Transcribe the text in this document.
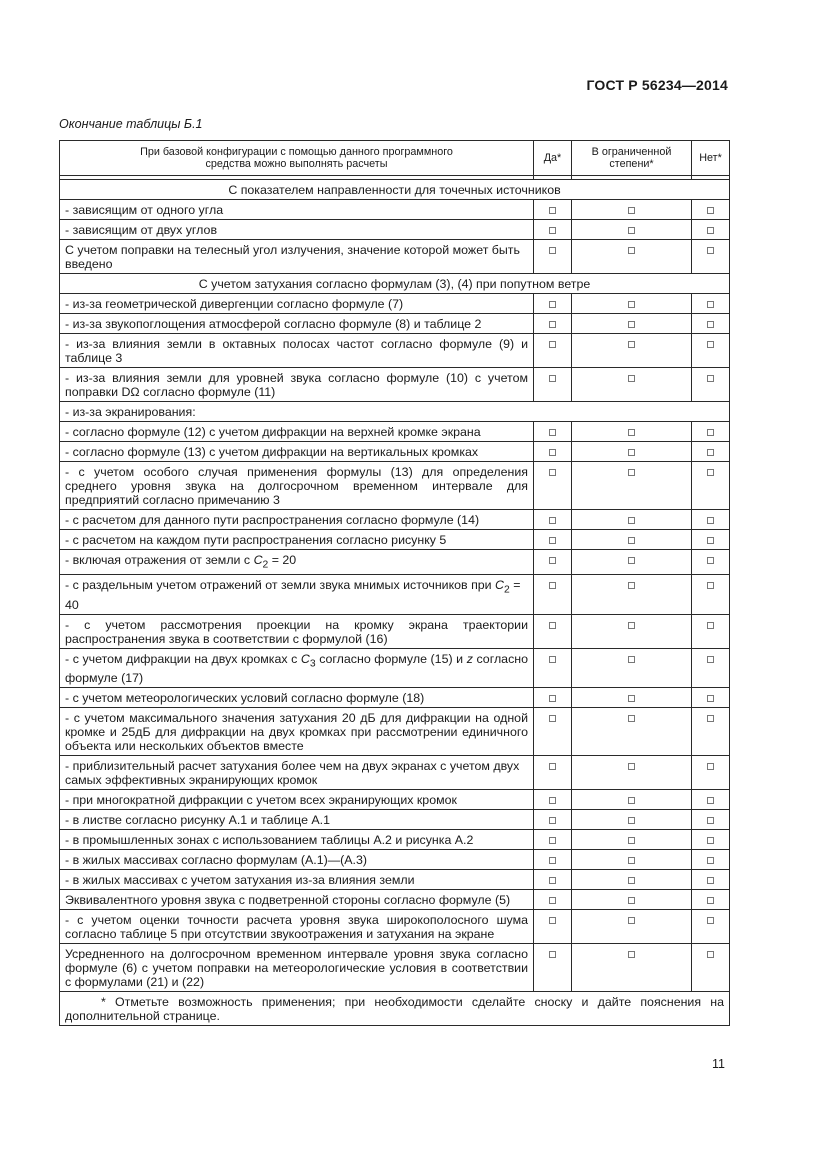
ГОСТ Р 56234—2014
Окончание таблицы Б.1
При базовой конфигурации с помощью данного программного средства можно выполнять расчеты	Да*	В ограниченной степени*	Нет*

С показателем направленности для точечных источников			
- зависящим от одного угла			
- зависящим от двух углов			
С учетом поправки на телесный угол излучения, значение которой может быть введено			
С учетом затухания согласно формулам (3), (4) при попутном ветре			
- из-за геометрической дивергенции согласно формуле (7)			
- из-за звукопоглощения атмосферой согласно формуле (8) и таблице 2			
- из-за влияния земли в октавных полосах частот согласно формуле (9) и таблице 3			
- из-за влияния земли для уровней звука согласно формуле (10) с учетом поправки DΩ согласно формуле (11)			
- из-за экранирования:			
- согласно формуле (12) с учетом дифракции на верхней кромке экрана			
- согласно формуле (13) с учетом дифракции на вертикальных кромках			
- с учетом особого случая применения формулы (13) для определения среднего уровня звука на долгосрочном временном интервале для предприятий согласно примечанию 3			
- с расчетом для данного пути распространения согласно формуле (14)			
- с расчетом на каждом пути распространения согласно рисунку 5			
- включая отражения от земли с $C_2 = 20$			
- с раздельным учетом отражений от земли звука мнимых источников при $C_2 = 40$			
- с учетом рассмотрения проекции на кромку экрана траектории распространения звука в соответствии с формулой (16)			
- с учетом дифракции на двух кромках с $C_3$ согласно формуле (15) и z согласно формуле (17)			
- с учетом метеорологических условий согласно формуле (18)			
- с учетом максимального значения затухания 20 дБ для дифракции на одной кромке и 25дБ для дифракции на двух кромках при рассмотрении единичного объекта или нескольких объектов вместе			
- приблизительный расчет затухания более чем на двух экранах с учетом двух самых эффективных экранирующих кромок			
- при многократной дифракции с учетом всех экранирующих кромок			
- в листве согласно рисунку А.1 и таблице А.1			
- в промышленных зонах с использованием таблицы А.2 и рисунка А.2			
- в жилых массивах согласно формулам (А.1)—(А.3)			
- в жилых массивах с учетом затухания из-за влияния земли			
Эквивалентного уровня звука с подветренной стороны согласно формуле (5)			
- с учетом оценки точности расчета уровня звука широкополосного шума согласно таблице 5 при отсутствии звукоотражения и затухания на экране			
Усредненного на долгосрочном временном интервале уровня звука согласно формуле (6) с учетом поправки на метеорологические условия в соответствии с формулами (21) и (22)			
* Отметьте возможность применения; при необходимости сделайте сноску и дайте пояснения на дополнительной странице.			
11
